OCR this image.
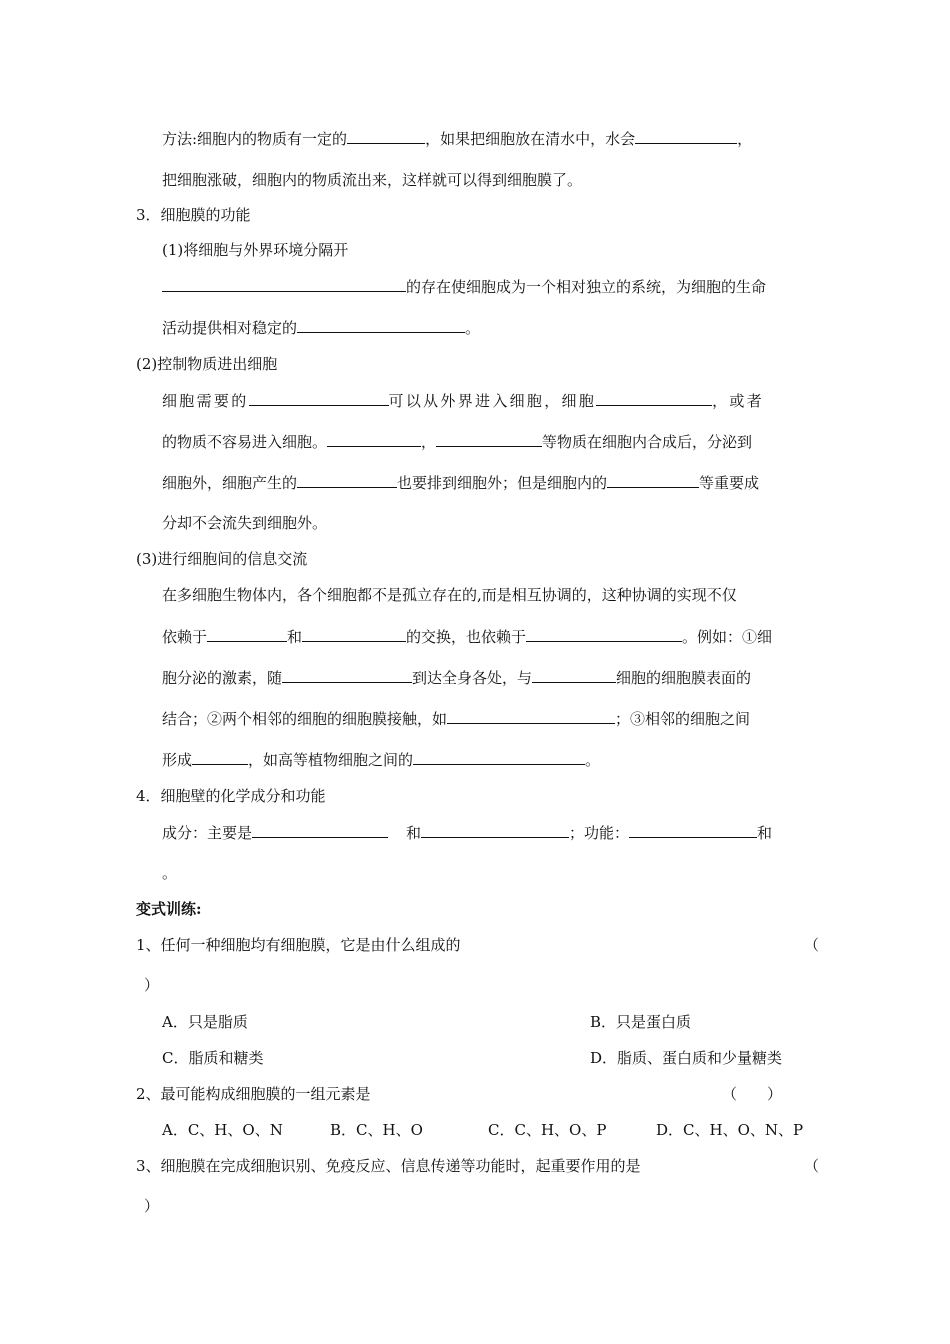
方法:细胞内的物质有一定的	，如果把细胞放在清水中，水会	，
把细胞涨破，细胞内的物质流出来，这样就可以得到细胞膜了。
3．细胞膜的功能
(1)将细胞与外界环境分隔开
的存在使细胞成为一个相对独立的系统，为细胞的生命
活动提供相对稳定的	。
(2)控制物质进出细胞
细胞需要的	可以从外界进入细胞，细胞	，或者
的物质不容易进入细胞。	，	等物质在细胞内合成后，分泌到
细胞外，细胞产生的	也要排到细胞外；但是细胞内的	等重要成
分却不会流失到细胞外。
(3)进行细胞间的信息交流
在多细胞生物体内，各个细胞都不是孤立存在的,而是相互协调的，这种协调的实现不仅
依赖于	和	的交换，也依赖于	。例如：①细
胞分泌的激素，随	到达全身各处，与	细胞的细胞膜表面的
结合；②两个相邻的细胞的细胞膜接触，如	；③相邻的细胞之间
形成	，如高等植物细胞之间的	。
4．细胞壁的化学成分和功能
成分：主要是	和	；功能：	和
。
变式训练:
1、任何一种细胞均有细胞膜，它是由什么组成的	（
）
A．只是脂质	B．只是蛋白质
C．脂质和糖类	D．脂质、蛋白质和少量糖类
2、最可能构成细胞膜的一组元素是	（　　）
A．C、H、O、N	B．C、H、O	C．C、H、O、P	D．C、H、O、N、P
3、细胞膜在完成细胞识别、免疫反应、信息传递等功能时，起重要作用的是	（
）
